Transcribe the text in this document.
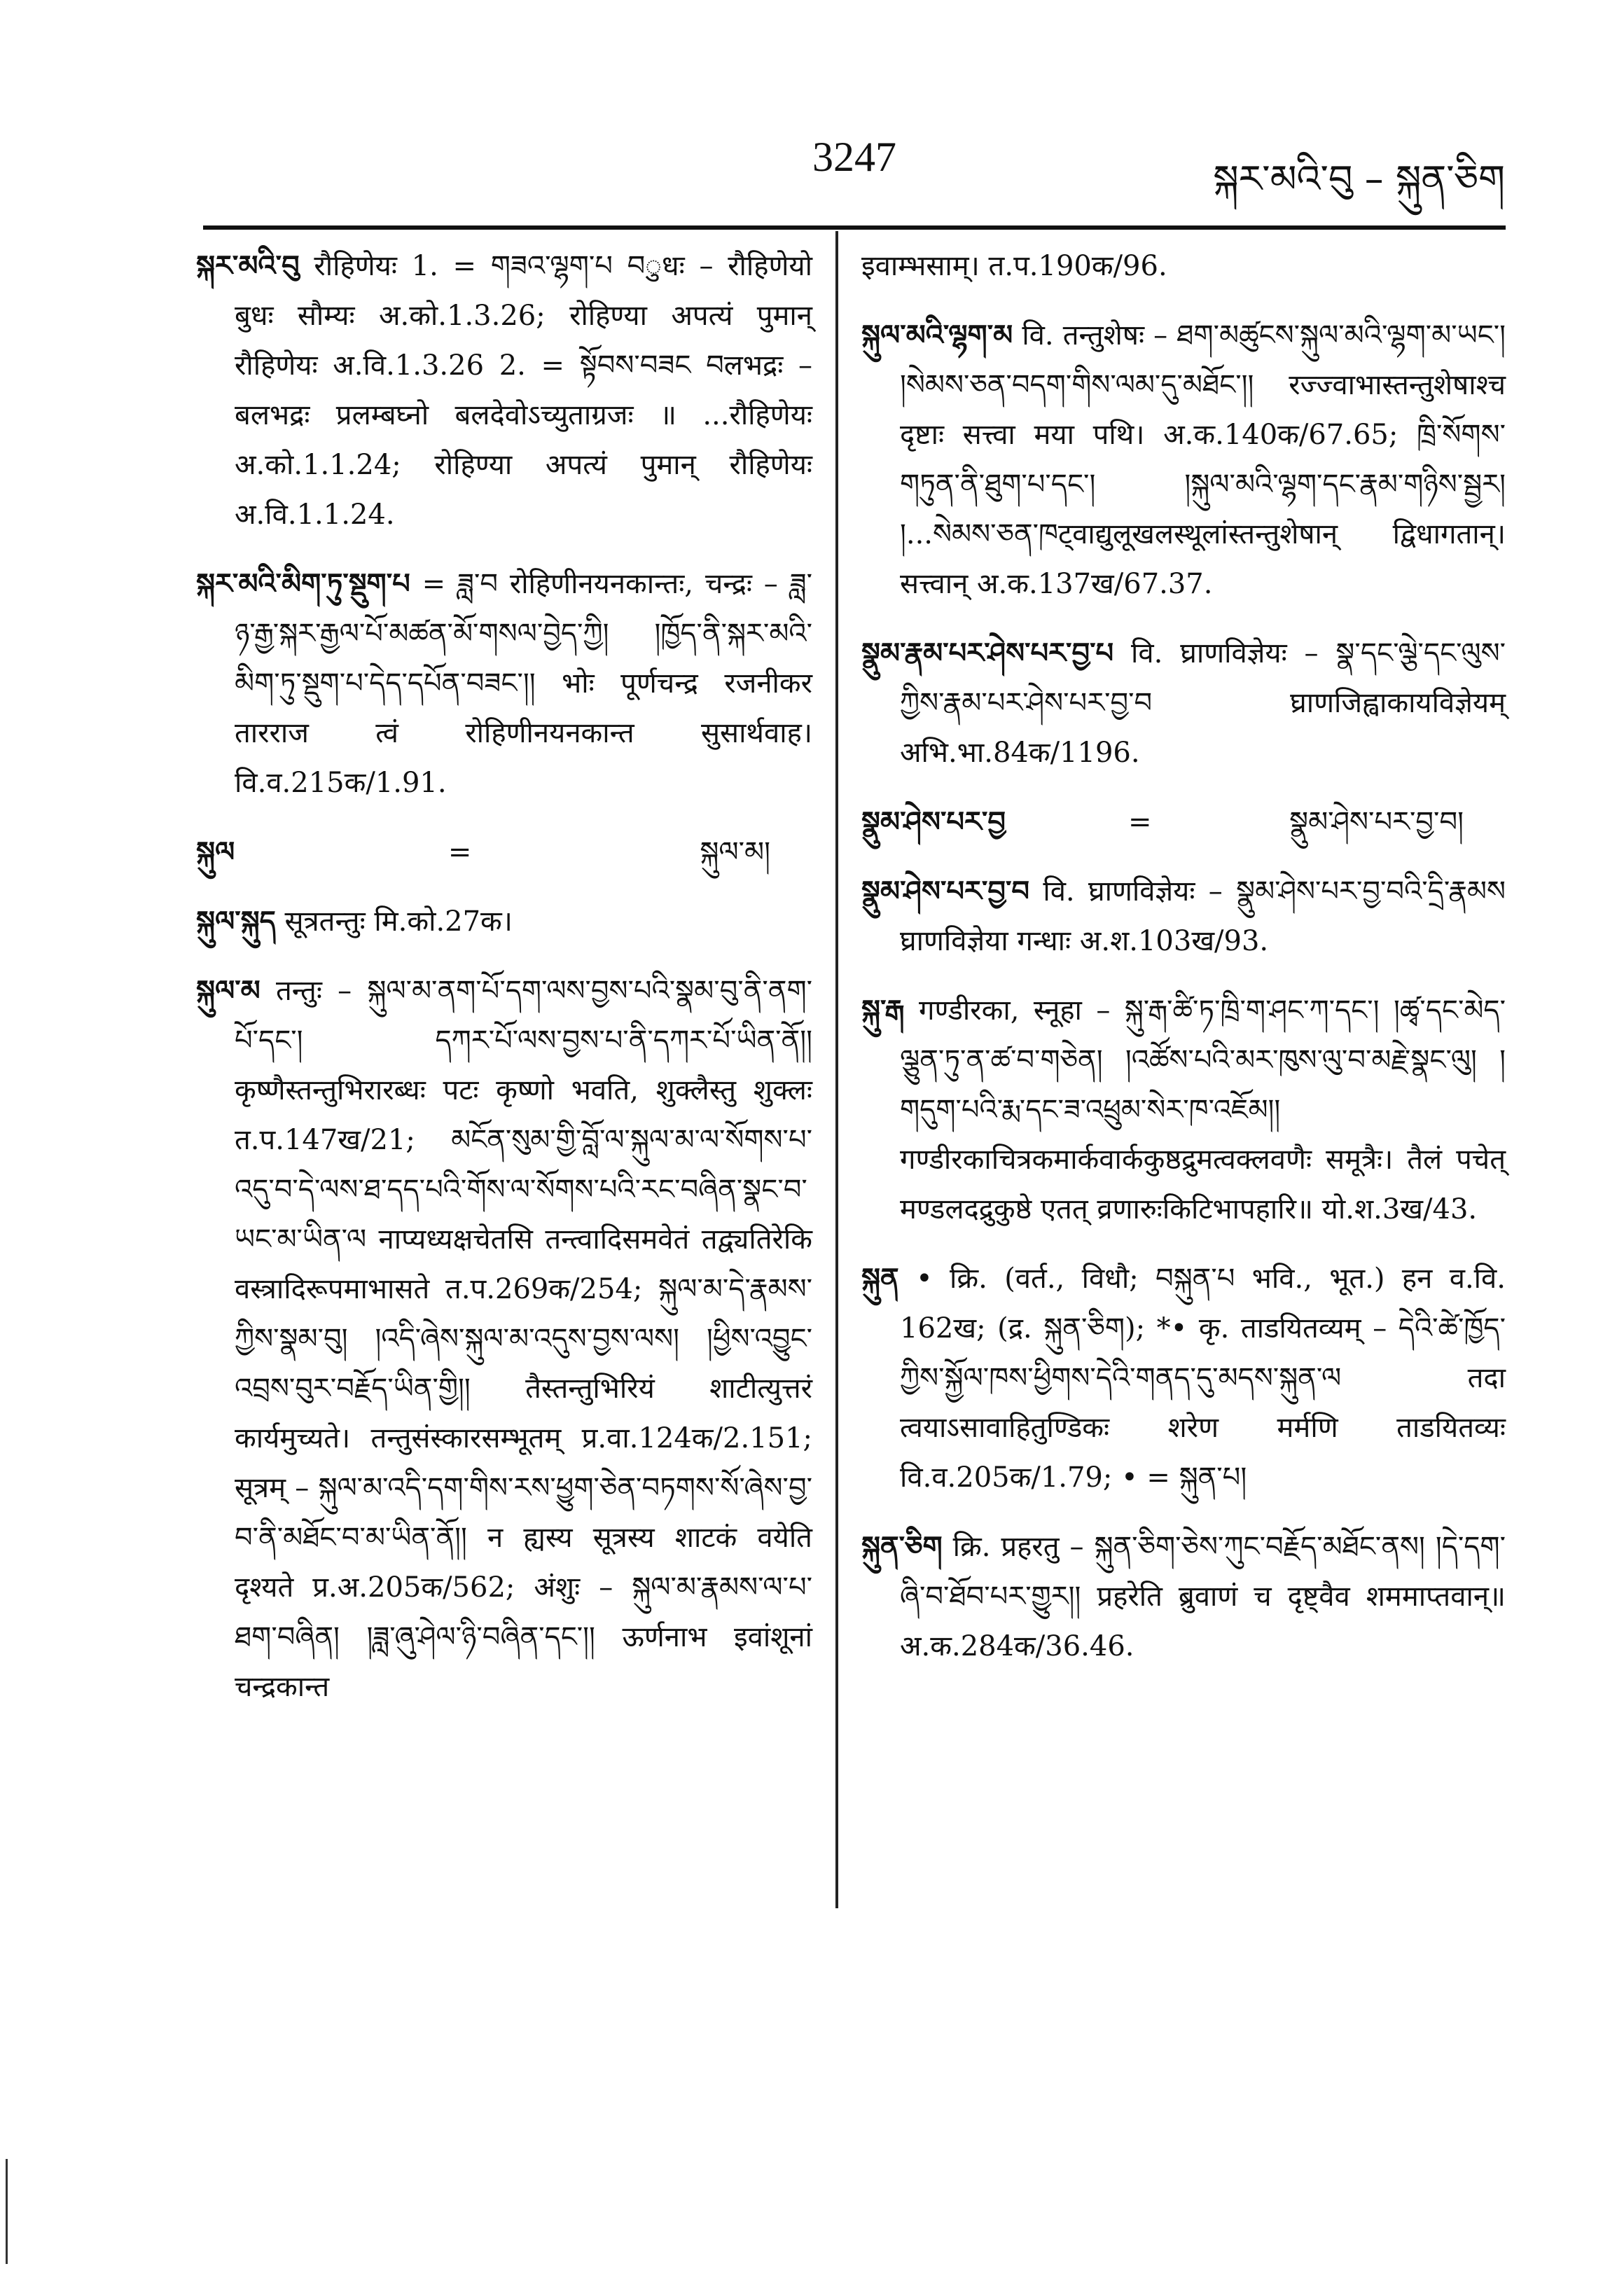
3247	སྐར་མའི་བུ – སྐུན་ཅིག

སྐར་མའི་བུ रौहिणेयः 1. = གཟའ་ལྷག་པ བुधः – रौहिणेयो बुधः सौम्यः अ.को.1.3.26; रोहिण्या अपत्यं पुमान् रौहिणेयः अ.वि.1.3.26 2. = སྟོབས་བཟང བलभद्रः – बलभद्रः प्रलम्बघ्नो बलदेवोऽच्युताग्रजः ॥ ...रौहिणेयः अ.को.1.1.24; रोहिण्या अपत्यं पुमान् रौहिणेयः अ.वि.1.1.24.

སྐར་མའི་མིག་ཏུ་སྡུག་པ = ཟླ་བ रोहिणीनयनकान्तः, चन्द्रः – ཟླ་ཉ་རྒྱ་སྐར་རྒྱལ་པོ་མཚན་མོ་གསལ་བྱེད་ཀྱི། །ཁྱོད་ནི་སྐར་མའི་མིག་ཏུ་སྡུག་པ་དེད་དཔོན་བཟང་།། भोः पूर्णचन्द्र रजनीकर तारराज त्वं रोहिणीनयनकान्त सुसार्थवाह। वि.व.215क/1.91.

སྐུལ	=	སྐུལ་མ།

སྐུལ་སྐུད सूत्रतन्तुः मि.को.27क।

སྐུལ་མ तन्तुः – སྐུལ་མ་ནག་པོ་དག་ལས་བྱས་པའི་སྣམ་བུ་ནི་ནག་པོ་དང་། དཀར་པོ་ལས་བྱས་པ་ནི་དཀར་པོ་ཡིན་ནོ།། कृष्णैस्तन्तुभिरारब्धः पटः कृष्णो भवति, शुक्लैस्तु शुक्लः त.प.147ख/21; མངོན་སུམ་གྱི་བློ་ལ་སྐུལ་མ་ལ་སོགས་པ་འདུ་བ་དེ་ལས་ཐ་དད་པའི་གོས་ལ་སོགས་པའི་རང་བཞིན་སྣང་བ་ཡང་མ་ཡིན་ལ नाप्यध्यक्षचेतसि तन्त्वादिसमवेतं तद्व्यतिरेकि वस्त्रादिरूपमाभासते त.प.269क/254; སྐུལ་མ་དེ་རྣམས་ཀྱིས་སྣམ་བུ། །འདི་ཞེས་སྐུལ་མ་འདུས་བྱས་ལས། །ཕྱིས་འབྱུང་འབྲས་བུར་བརྗོད་ཡིན་གྱི།། तैस्तन्तुभिरियं शाटीत्युत्तरं कार्यमुच्यते। तन्तुसंस्कारसम्भूतम् प्र.वा.124क/2.151; सूत्रम् – སྐུལ་མ་འདི་དག་གིས་རས་ཕྱུག་ཅེན་བཏགས་སོ་ཞེས་བྱ་བ་ནི་མཐོང་བ་མ་ཡིན་ནོ།། न ह्यस्य सूत्रस्य शाटकं वयेति दृश्यते प्र.अ.205क/562; अंशुः – སྐུལ་མ་རྣམས་ལ་པ་ཐག་བཞིན། །ཟླ་ཞུ་ཤེལ་ཉི་བཞིན་དང་།། ऊर्णनाभ इवांशूनां चन्द्रकान्त

इवाम्भसाम्। त.प.190क/96.

སྐུལ་མའི་ལྷག་མ वि. तन्तुशेषः – ཐག་མཚུངས་སྐུལ་མའི་ལྷག་མ་ཡང་། །སེམས་ཅན་བདག་གིས་ལམ་དུ་མཐོང་།། रज्ज्वाभास्तन्तुशेषाश्च दृष्टाः सत्त्वा मया पथि। अ.क.140क/67.65; ཁྲི་སོགས་གཏུན་ནི་ཐུག་པ་དང་། །སྐུལ་མའི་ལྷག་དང་རྣམ་གཉིས་སྦྱར། །...སེམས་ཅན་ཁट्वाद्युलूखलस्थूलांस्तन्तुशेषान् द्विधागतान्। सत्त्वान् अ.क.137ख/67.37.

སྣུམ་རྣམ་པར་ཤེས་པར་བྱ་པ वि. घ्राणविज्ञेयः – སྣ་དང་ལྕེ་དང་ལུས་ཀྱིས་རྣམ་པར་ཤེས་པར་བྱ་བ घ्राणजिह्वाकायविज्ञेयम् अभि.भा.84क/1196.

སྣུམ་ཤེས་པར་བྱ	=	སྣུམ་ཤེས་པར་བྱ་བ།

སྣུམ་ཤེས་པར་བྱ་བ वि. घ्राणविज्ञेयः – སྣུམ་ཤེས་པར་བྱ་བའི་དྲི་རྣམས घ्राणविज्ञेया गन्धाः अ.श.103ख/93.

སྐུ་རྒ गण्डीरका, स्नूहा – སྐུ་རྒ་ཚི་ཏ་ཁྲི་ག་ཤང་ཀ་དང་། །ཚྭ་དང་མེད་ལྕུན་ཏུ་ན་ཚ་བ་གཅེན། །འཚོས་པའི་མར་ཁུས་ལུ་བ་མརྗེ་སྣང་ལུ། །གདུག་པའི་རྨ་དང་ཟ་འཕྲུམ་སེར་ཁ་འཇོམ།། गण्डीरकाचित्रकमार्कवार्ककुष्ठद्रुमत्वक्लवणैः समूत्रैः। तैलं पचेत् मण्डलदद्रुकुष्ठे एतत् व्रणारुःकिटिभापहारि॥ यो.श.3ख/43.

སྐུན • क्रि. (वर्त., विधौ; བསྐུན་པ भवि., भूत.) हन व.वि. 162ख; (द्र. སྐུན་ཅིག); *• कृ. ताडयितव्यम् – དེའི་ཚེ་ཁྱོད་ཀྱིས་སྐྱོལ་ཁས་ཕྱིགས་དེའི་གནད་དུ་མདས་སྐུན་ལ तदा त्वयाऽसावाहितुण्डिकः शरेण मर्मणि ताडयितव्यः वि.व.205क/1.79; • = སྐུན་པ།

སྐུན་ཅིག क्रि. प्रहरतु – སྐུན་ཅིག་ཅེས་ཀུང་བརྗོད་མཐོང་ནས། །དེ་དག་ཞི་བ་ཐོབ་པར་གྱུར།། प्रहरेति ब्रुवाणं च दृष्ट्वैव शममाप्तवान्॥ अ.क.284क/36.46.
